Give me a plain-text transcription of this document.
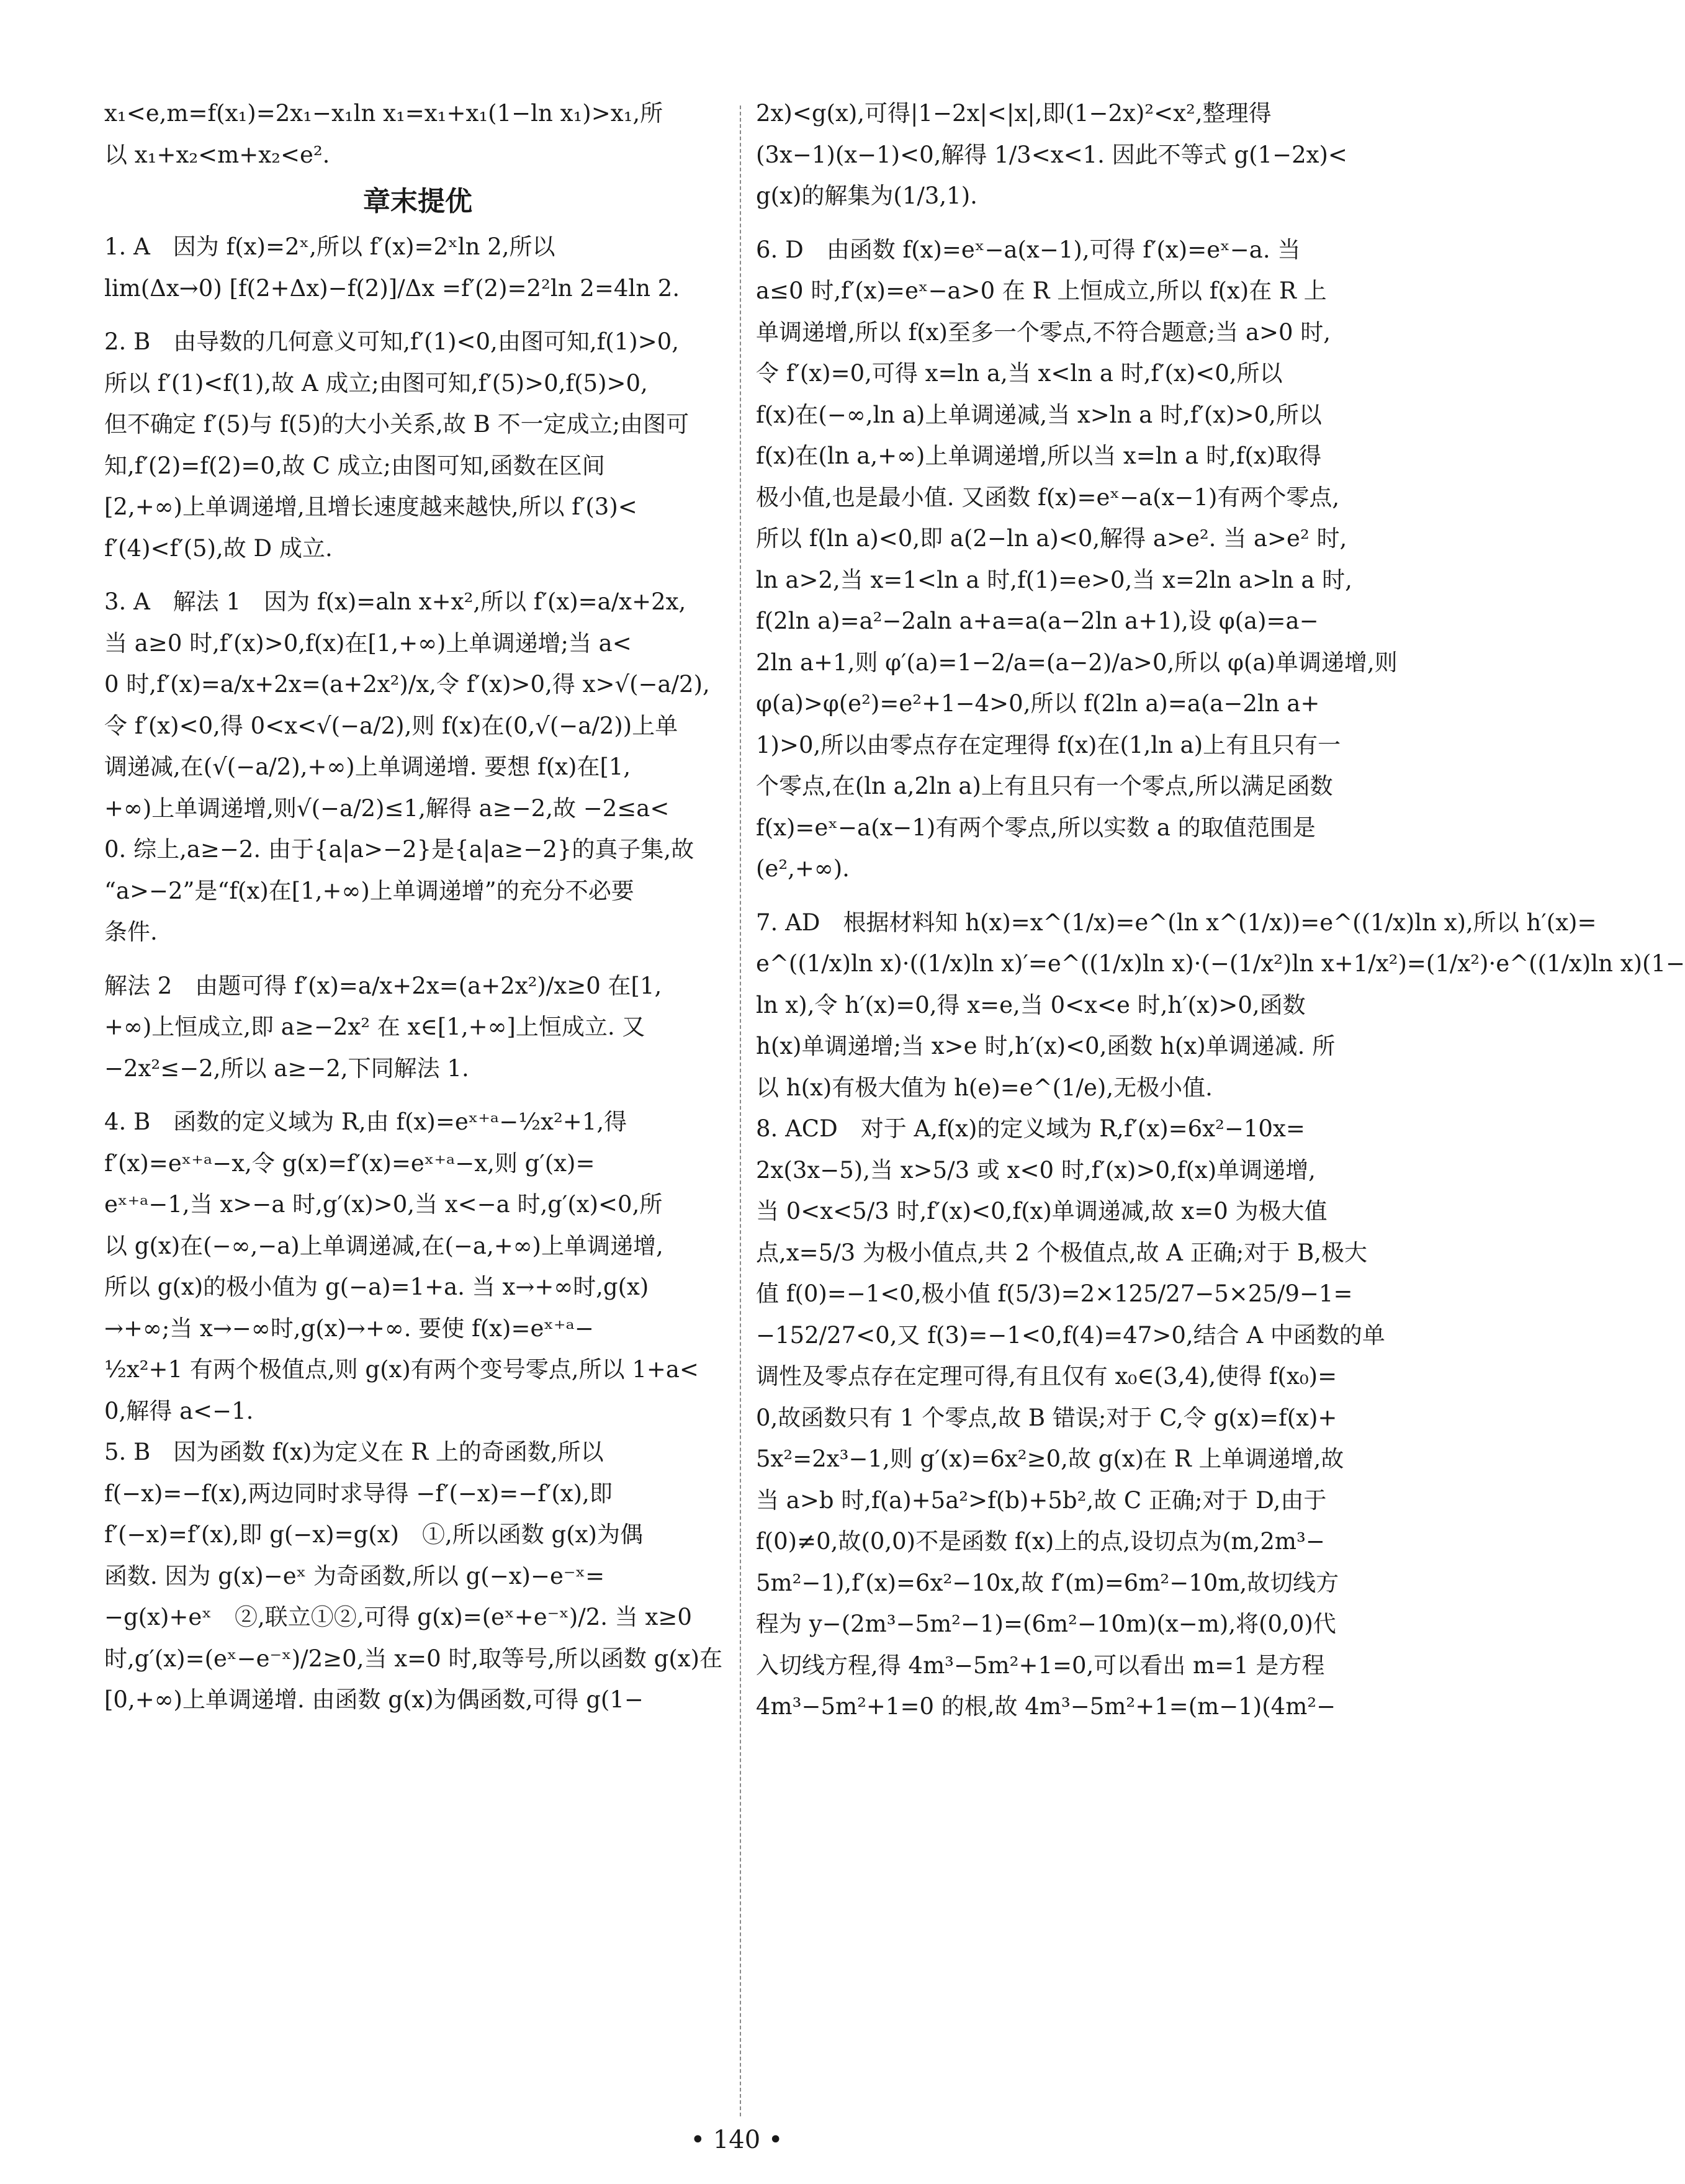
x₁<e,m=f(x₁)=2x₁−x₁ln x₁=x₁+x₁(1−ln x₁)>x₁,所
以 x₁+x₂<m+x₂<e².
章末提优
1. A　因为 f(x)=2ˣ,所以 f′(x)=2ˣln 2,所以
lim(Δx→0) [f(2+Δx)−f(2)]/Δx =f′(2)=2²ln 2=4ln 2.
2. B　由导数的几何意义可知,f′(1)<0,由图可知,f(1)>0,
所以 f′(1)<f(1),故 A 成立;由图可知,f′(5)>0,f(5)>0,
但不确定 f′(5)与 f(5)的大小关系,故 B 不一定成立;由图可
知,f′(2)=f(2)=0,故 C 成立;由图可知,函数在区间
[2,+∞)上单调递增,且增长速度越来越快,所以 f′(3)<
f′(4)<f′(5),故 D 成立.
3. A　解法 1　因为 f(x)=aln x+x²,所以 f′(x)=a/x+2x,
当 a≥0 时,f′(x)>0,f(x)在[1,+∞)上单调递增;当 a<
0 时,f′(x)=a/x+2x=(a+2x²)/x,令 f′(x)>0,得 x>√(−a/2),
令 f′(x)<0,得 0<x<√(−a/2),则 f(x)在(0,√(−a/2))上单
调递减,在(√(−a/2),+∞)上单调递增. 要想 f(x)在[1,
+∞)上单调递增,则√(−a/2)≤1,解得 a≥−2,故 −2≤a<
0. 综上,a≥−2. 由于{a|a>−2}是{a|a≥−2}的真子集,故
“a>−2”是“f(x)在[1,+∞)上单调递增”的充分不必要
条件.
解法 2　由题可得 f′(x)=a/x+2x=(a+2x²)/x≥0 在[1,
+∞)上恒成立,即 a≥−2x² 在 x∈[1,+∞]上恒成立. 又
−2x²≤−2,所以 a≥−2,下同解法 1.
4. B　函数的定义域为 R,由 f(x)=eˣ⁺ᵃ−½x²+1,得
f′(x)=eˣ⁺ᵃ−x,令 g(x)=f′(x)=eˣ⁺ᵃ−x,则 g′(x)=
eˣ⁺ᵃ−1,当 x>−a 时,g′(x)>0,当 x<−a 时,g′(x)<0,所
以 g(x)在(−∞,−a)上单调递减,在(−a,+∞)上单调递增,
所以 g(x)的极小值为 g(−a)=1+a. 当 x→+∞时,g(x)
→+∞;当 x→−∞时,g(x)→+∞. 要使 f(x)=eˣ⁺ᵃ−
½x²+1 有两个极值点,则 g(x)有两个变号零点,所以 1+a<
0,解得 a<−1.
5. B　因为函数 f(x)为定义在 R 上的奇函数,所以
f(−x)=−f(x),两边同时求导得 −f′(−x)=−f′(x),即
f′(−x)=f′(x),即 g(−x)=g(x)　①,所以函数 g(x)为偶
函数. 因为 g(x)−eˣ 为奇函数,所以 g(−x)−e⁻ˣ=
−g(x)+eˣ　②,联立①②,可得 g(x)=(eˣ+e⁻ˣ)/2. 当 x≥0
时,g′(x)=(eˣ−e⁻ˣ)/2≥0,当 x=0 时,取等号,所以函数 g(x)在
[0,+∞)上单调递增. 由函数 g(x)为偶函数,可得 g(1−
2x)<g(x),可得|1−2x|<|x|,即(1−2x)²<x²,整理得
(3x−1)(x−1)<0,解得 1/3<x<1. 因此不等式 g(1−2x)<
g(x)的解集为(1/3,1).
6. D　由函数 f(x)=eˣ−a(x−1),可得 f′(x)=eˣ−a. 当
a≤0 时,f′(x)=eˣ−a>0 在 R 上恒成立,所以 f(x)在 R 上
单调递增,所以 f(x)至多一个零点,不符合题意;当 a>0 时,
令 f′(x)=0,可得 x=ln a,当 x<ln a 时,f′(x)<0,所以
f(x)在(−∞,ln a)上单调递减,当 x>ln a 时,f′(x)>0,所以
f(x)在(ln a,+∞)上单调递增,所以当 x=ln a 时,f(x)取得
极小值,也是最小值. 又函数 f(x)=eˣ−a(x−1)有两个零点,
所以 f(ln a)<0,即 a(2−ln a)<0,解得 a>e². 当 a>e² 时,
ln a>2,当 x=1<ln a 时,f(1)=e>0,当 x=2ln a>ln a 时,
f(2ln a)=a²−2aln a+a=a(a−2ln a+1),设 φ(a)=a−
2ln a+1,则 φ′(a)=1−2/a=(a−2)/a>0,所以 φ(a)单调递增,则
φ(a)>φ(e²)=e²+1−4>0,所以 f(2ln a)=a(a−2ln a+
1)>0,所以由零点存在定理得 f(x)在(1,ln a)上有且只有一
个零点,在(ln a,2ln a)上有且只有一个零点,所以满足函数
f(x)=eˣ−a(x−1)有两个零点,所以实数 a 的取值范围是
(e²,+∞).
7. AD　根据材料知 h(x)=x^(1/x)=e^(ln x^(1/x))=e^((1/x)ln x),所以 h′(x)=
e^((1/x)ln x)·((1/x)ln x)′=e^((1/x)ln x)·(−(1/x²)ln x+1/x²)=(1/x²)·e^((1/x)ln x)(1−
ln x),令 h′(x)=0,得 x=e,当 0<x<e 时,h′(x)>0,函数
h(x)单调递增;当 x>e 时,h′(x)<0,函数 h(x)单调递减. 所
以 h(x)有极大值为 h(e)=e^(1/e),无极小值.
8. ACD　对于 A,f(x)的定义域为 R,f′(x)=6x²−10x=
2x(3x−5),当 x>5/3 或 x<0 时,f′(x)>0,f(x)单调递增,
当 0<x<5/3 时,f′(x)<0,f(x)单调递减,故 x=0 为极大值
点,x=5/3 为极小值点,共 2 个极值点,故 A 正确;对于 B,极大
值 f(0)=−1<0,极小值 f(5/3)=2×125/27−5×25/9−1=
−152/27<0,又 f(3)=−1<0,f(4)=47>0,结合 A 中函数的单
调性及零点存在定理可得,有且仅有 x₀∈(3,4),使得 f(x₀)=
0,故函数只有 1 个零点,故 B 错误;对于 C,令 g(x)=f(x)+
5x²=2x³−1,则 g′(x)=6x²≥0,故 g(x)在 R 上单调递增,故
当 a>b 时,f(a)+5a²>f(b)+5b²,故 C 正确;对于 D,由于
f(0)≠0,故(0,0)不是函数 f(x)上的点,设切点为(m,2m³−
5m²−1),f′(x)=6x²−10x,故 f′(m)=6m²−10m,故切线方
程为 y−(2m³−5m²−1)=(6m²−10m)(x−m),将(0,0)代
入切线方程,得 4m³−5m²+1=0,可以看出 m=1 是方程
4m³−5m²+1=0 的根,故 4m³−5m²+1=(m−1)(4m²−
• 140 •
